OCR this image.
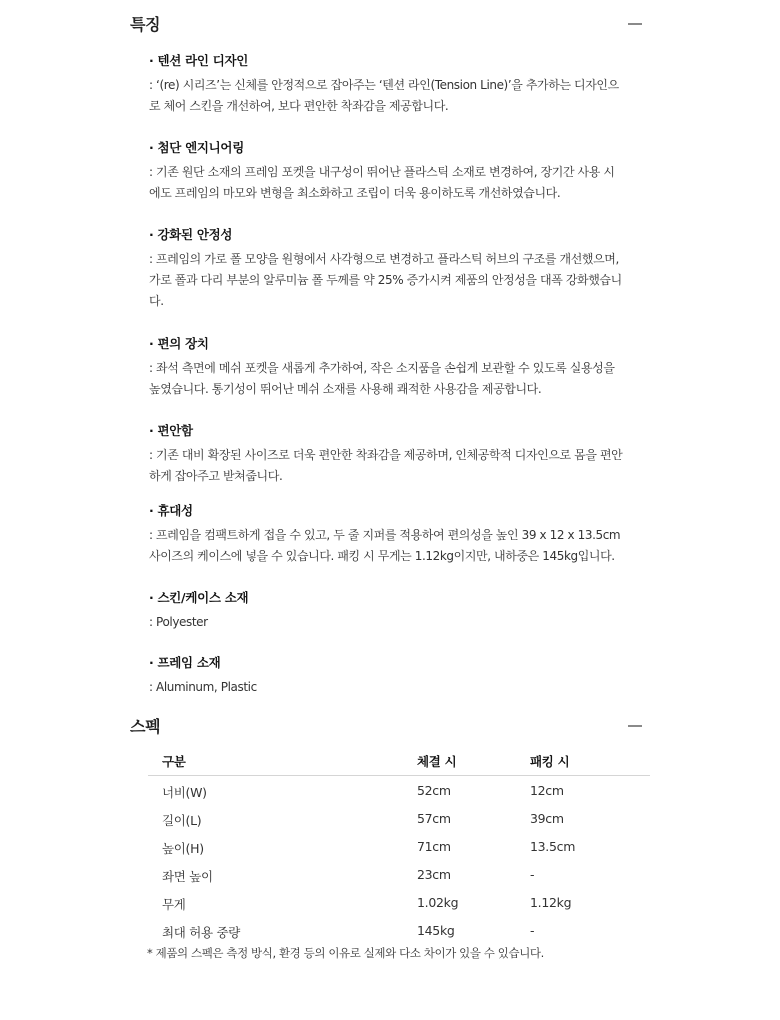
특징
· 텐션 라인 디자인
: ‘(re) 시리즈’는 신체를 안정적으로 잡아주는 ‘텐션 라인(Tension Line)’을 추가하는 디자인으
로 체어 스킨을 개선하여, 보다 편안한 착좌감을 제공합니다.
· 첨단 엔지니어링
: 기존 원단 소재의 프레임 포켓을 내구성이 뛰어난 플라스틱 소재로 변경하여, 장기간 사용 시
에도 프레임의 마모와 변형을 최소화하고 조립이 더욱 용이하도록 개선하였습니다.
· 강화된 안정성
: 프레임의 가로 폴 모양을 원형에서 사각형으로 변경하고 플라스틱 허브의 구조를 개선했으며,
가로 폴과 다리 부분의 알루미늄 폴 두께를 약 25% 증가시켜 제품의 안정성을 대폭 강화했습니
다.
· 편의 장치
: 좌석 측면에 메쉬 포켓을 새롭게 추가하여, 작은 소지품을 손쉽게 보관할 수 있도록 실용성을
높였습니다. 통기성이 뛰어난 메쉬 소재를 사용해 쾌적한 사용감을 제공합니다.
· 편안함
: 기존 대비 확장된 사이즈로 더욱 편안한 착좌감을 제공하며, 인체공학적 디자인으로 몸을 편안
하게 잡아주고 받쳐줍니다.
· 휴대성
: 프레임을 컴팩트하게 접을 수 있고, 두 줄 지퍼를 적용하여 편의성을 높인 39 x 12 x 13.5cm
사이즈의 케이스에 넣을 수 있습니다. 패킹 시 무게는 1.12kg이지만, 내하중은 145kg입니다.
· 스킨/케이스 소재
: Polyester
· 프레임 소재
: Aluminum, Plastic
스펙
구분	체결 시	패킹 시
너비(W)	52cm	12cm
길이(L)	57cm	39cm
높이(H)	71cm	13.5cm
좌면 높이	23cm	-
무게	1.02kg	1.12kg
최대 허용 중량	145kg	-
* 제품의 스펙은 측정 방식, 환경 등의 이유로 실제와 다소 차이가 있을 수 있습니다.
